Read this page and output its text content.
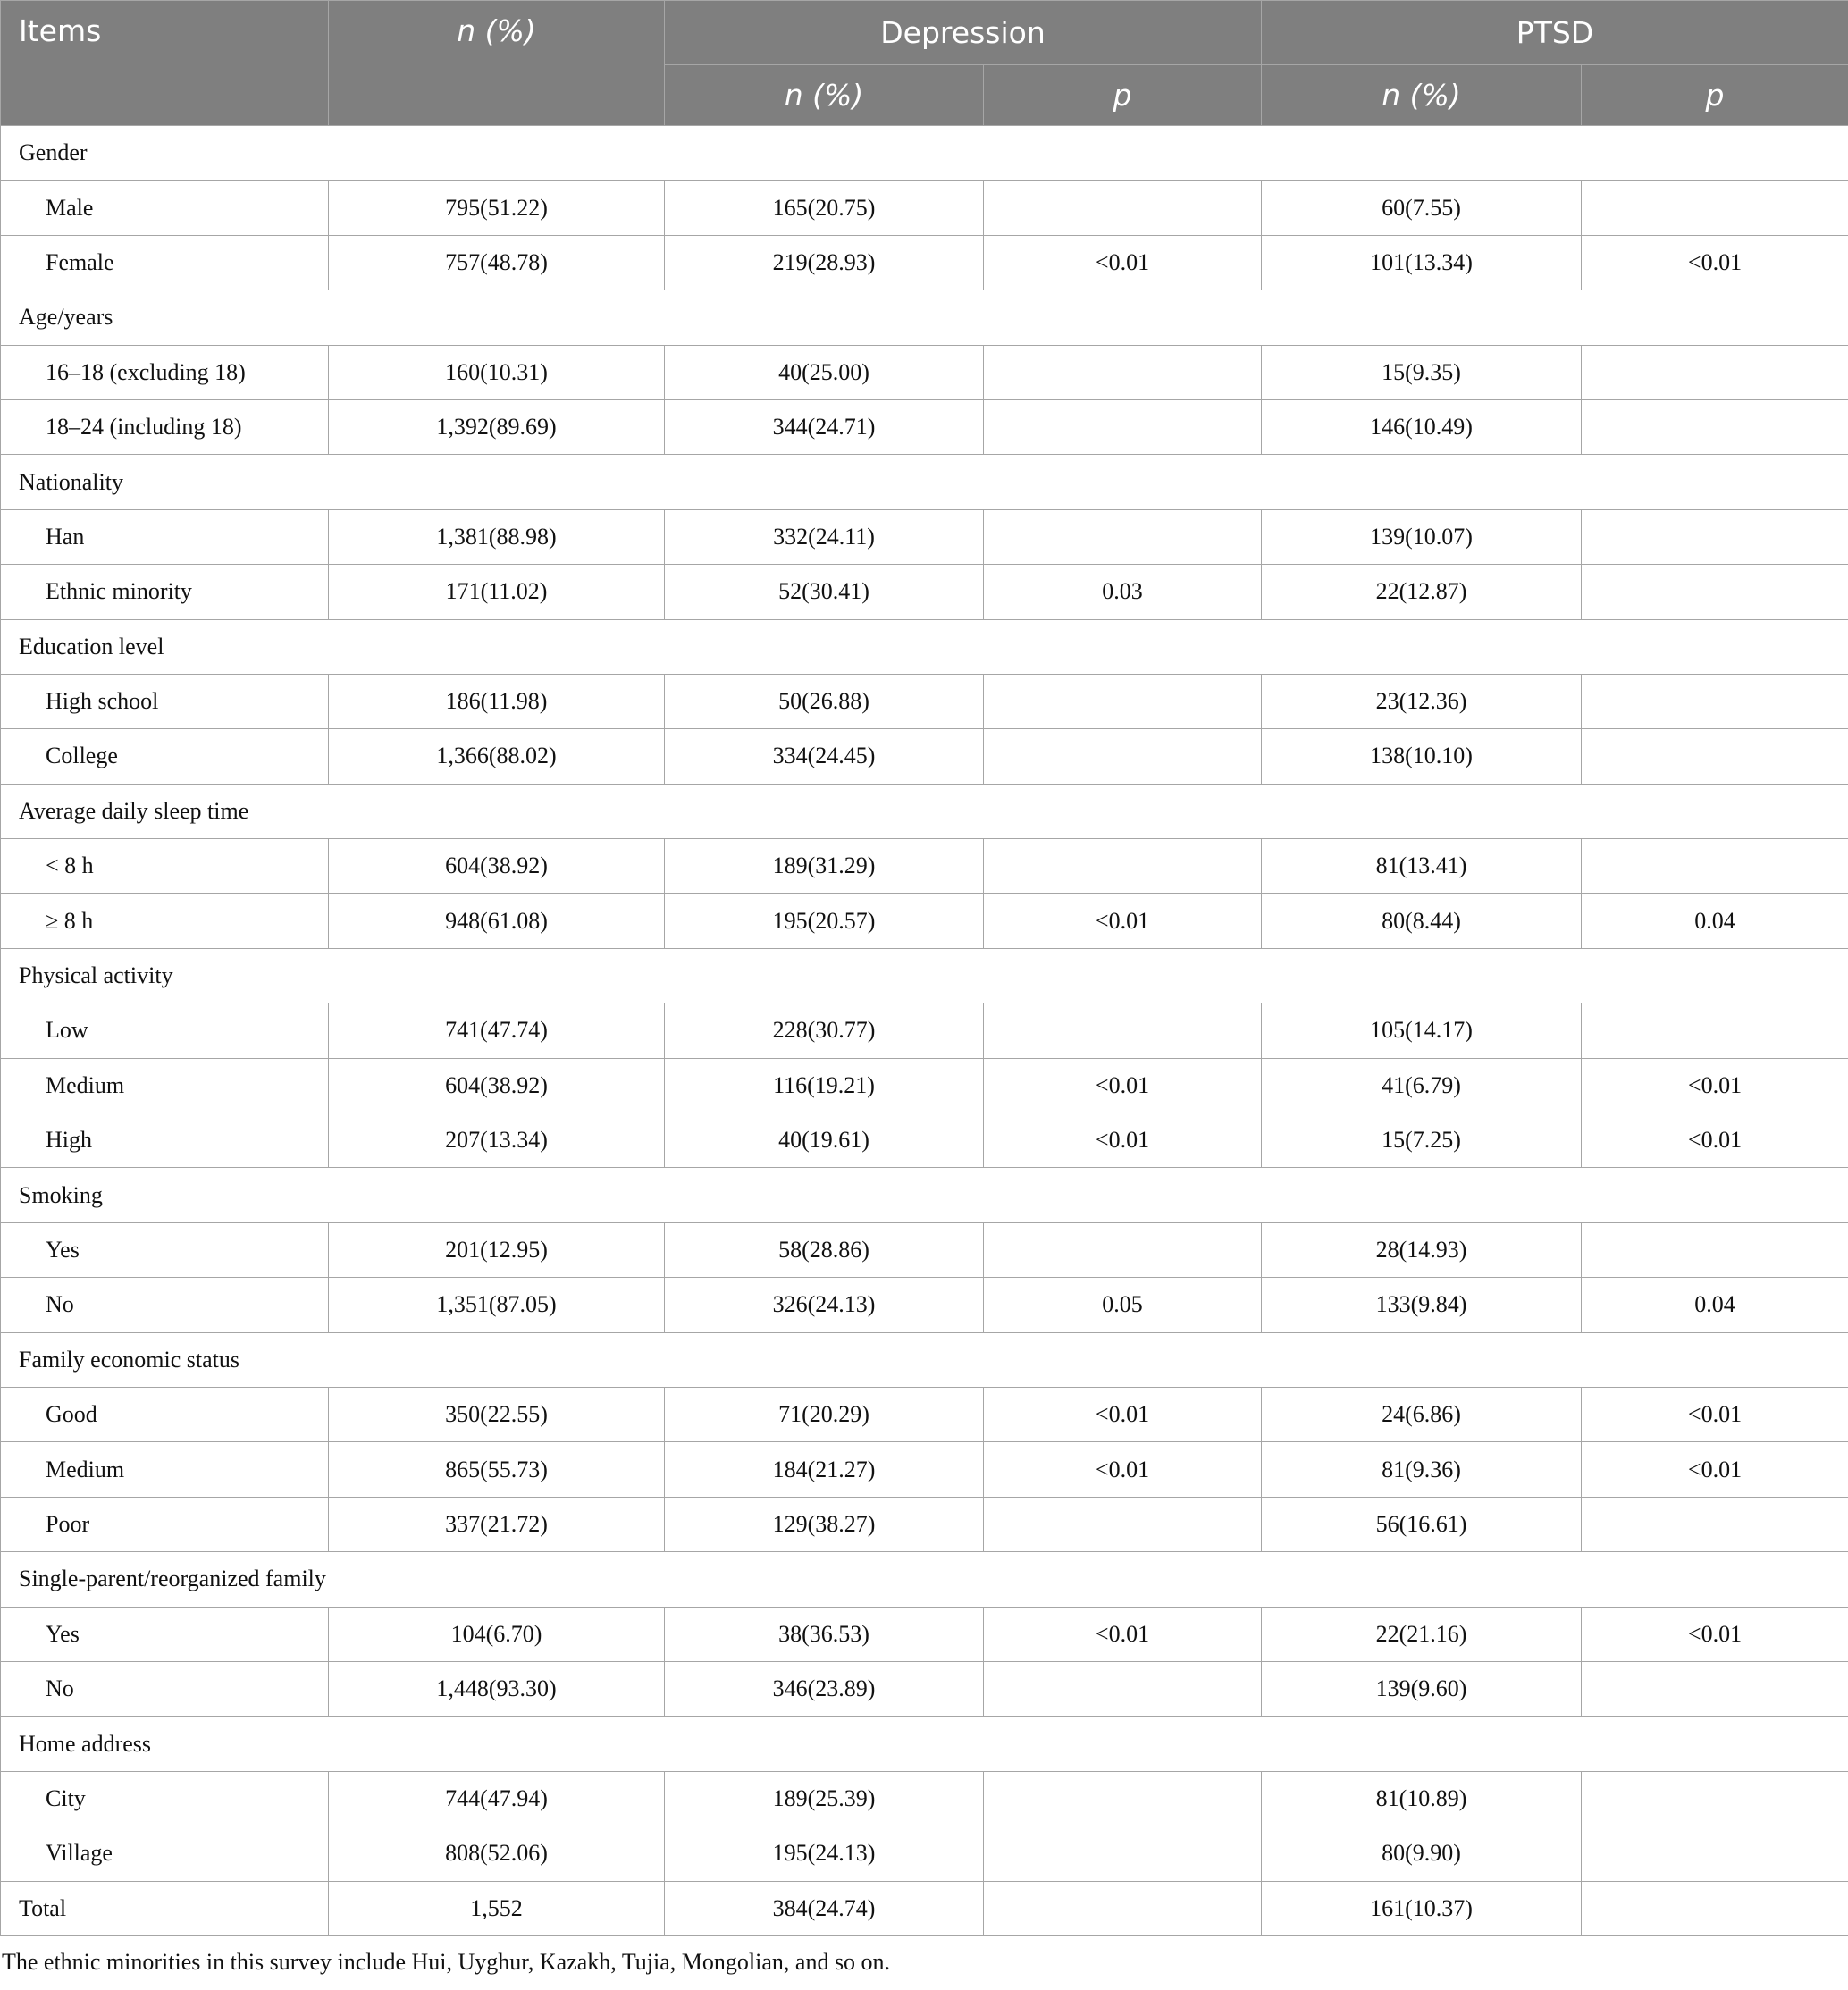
Items	n (%)	Depression		PTSD	
		n (%)	p	n (%)	p
Gender					
Male	795(51.22)	165(20.75)		60(7.55)	
Female	757(48.78)	219(28.93)	<0.01	101(13.34)	<0.01
Age/years					
16–18 (excluding 18)	160(10.31)	40(25.00)		15(9.35)	
18–24 (including 18)	1,392(89.69)	344(24.71)		146(10.49)	
Nationality					
Han	1,381(88.98)	332(24.11)		139(10.07)	
Ethnic minority	171(11.02)	52(30.41)	0.03	22(12.87)	
Education level					
High school	186(11.98)	50(26.88)		23(12.36)	
College	1,366(88.02)	334(24.45)		138(10.10)	
Average daily sleep time					
< 8 h	604(38.92)	189(31.29)		81(13.41)	
≥ 8 h	948(61.08)	195(20.57)	<0.01	80(8.44)	0.04
Physical activity					
Low	741(47.74)	228(30.77)		105(14.17)	
Medium	604(38.92)	116(19.21)	<0.01	41(6.79)	<0.01
High	207(13.34)	40(19.61)	<0.01	15(7.25)	<0.01
Smoking					
Yes	201(12.95)	58(28.86)		28(14.93)	
No	1,351(87.05)	326(24.13)	0.05	133(9.84)	0.04
Family economic status					
Good	350(22.55)	71(20.29)	<0.01	24(6.86)	<0.01
Medium	865(55.73)	184(21.27)	<0.01	81(9.36)	<0.01
Poor	337(21.72)	129(38.27)		56(16.61)	
Single-parent/reorganized family					
Yes	104(6.70)	38(36.53)	<0.01	22(21.16)	<0.01
No	1,448(93.30)	346(23.89)		139(9.60)	
Home address					
City	744(47.94)	189(25.39)		81(10.89)	
Village	808(52.06)	195(24.13)		80(9.90)	
Total	1,552	384(24.74)		161(10.37)	
The ethnic minorities in this survey include Hui, Uyghur, Kazakh, Tujia, Mongolian, and so on.
